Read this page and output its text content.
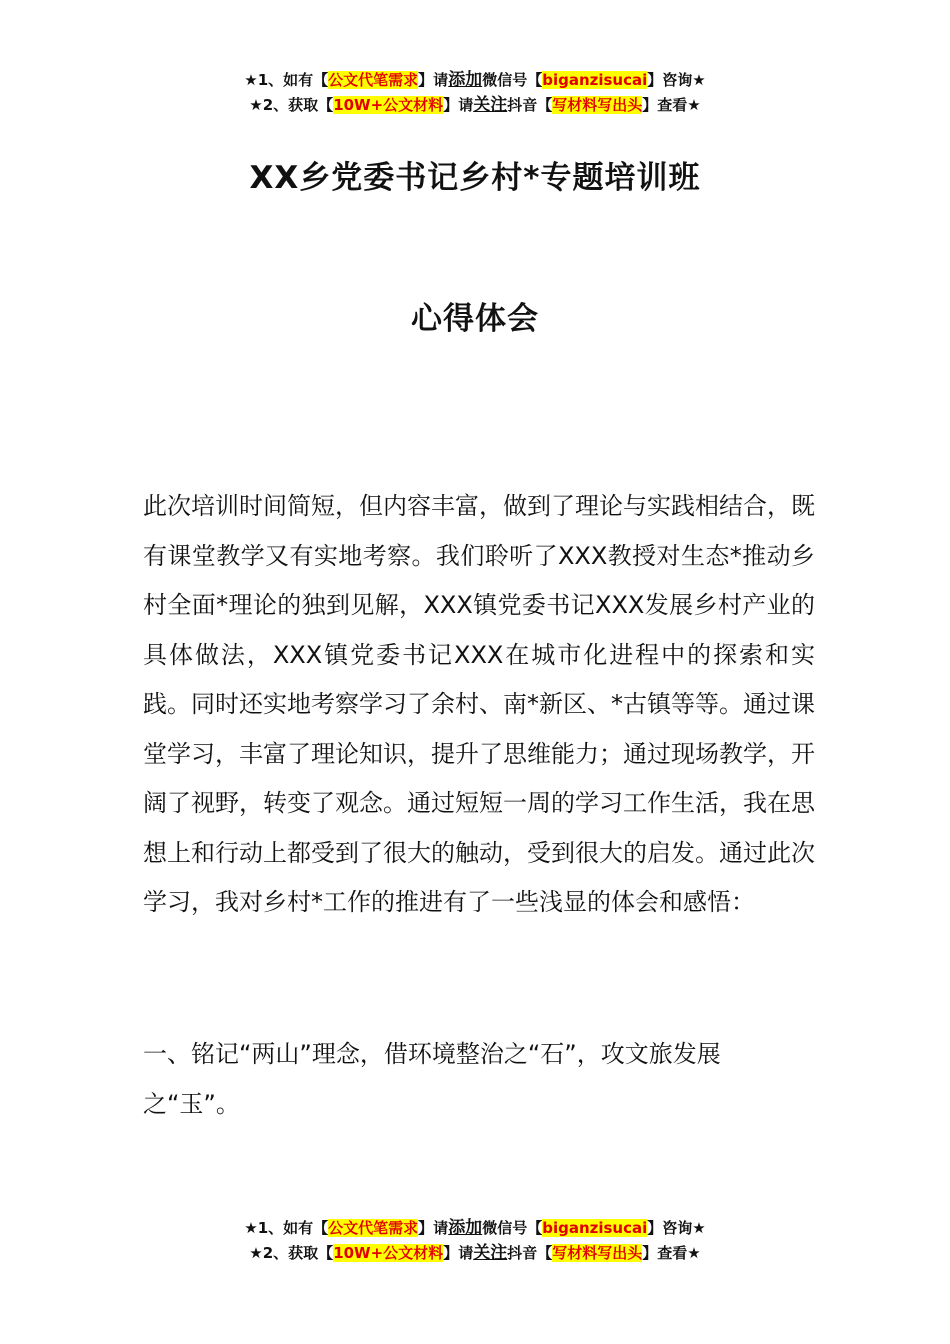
★1、如有【公文代笔需求】请添加微信号【biganzisucai】咨询★
★2、获取【10W+公文材料】请关注抖音【写材料写出头】查看★
XX乡党委书记乡村*专题培训班
心得体会

此次培训时间简短，但内容丰富，做到了理论与实践相结合，既有课堂教学又有实地考察。我们聆听了XXX教授对生态*推动乡村全面*理论的独到见解，XXX镇党委书记XXX发展乡村产业的具体做法，XXX镇党委书记XXX在城市化进程中的探索和实践。同时还实地考察学习了余村、南*新区、*古镇等等。通过课堂学习，丰富了理论知识，提升了思维能力；通过现场教学，开阔了视野，转变了观念。通过短短一周的学习工作生活，我在思想上和行动上都受到了很大的触动，受到很大的启发。通过此次学习，我对乡村*工作的推进有了一些浅显的体会和感悟：

一、铭记“两山”理念，借环境整治之“石”，攻文旅发展之“玉”。

★1、如有【公文代笔需求】请添加微信号【biganzisucai】咨询★
★2、获取【10W+公文材料】请关注抖音【写材料写出头】查看★
